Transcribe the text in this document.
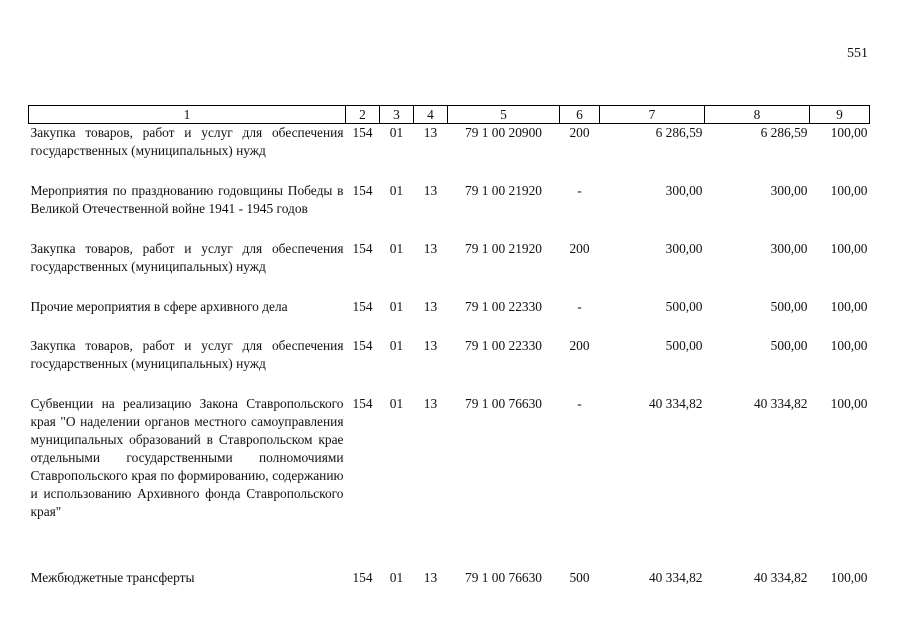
551
1	2	3	4	5	6	7	8	9
Закупка товаров, работ и услуг для обеспечения государственных (муниципальных) нужд	154	01	13	79 1 00 20900	200	6 286,59	6 286,59	100,00
Мероприятия по празднованию годовщины Победы в Великой Отечественной войне 1941 - 1945 годов	154	01	13	79 1 00 21920	-	300,00	300,00	100,00
Закупка товаров, работ и услуг для обеспечения государственных (муниципальных) нужд	154	01	13	79 1 00 21920	200	300,00	300,00	100,00
Прочие мероприятия в сфере архивного дела	154	01	13	79 1 00 22330	-	500,00	500,00	100,00
Закупка товаров, работ и услуг для обеспечения государственных (муниципальных) нужд	154	01	13	79 1 00 22330	200	500,00	500,00	100,00
Субвенции на реализацию Закона Ставропольского края "О наделении органов местного самоуправления муниципальных образований в Ставропольском крае отдельными государственными полномочиями Ставропольского края по формированию, содержанию и использованию Архивного фонда Ставропольского края"	154	01	13	79 1 00 76630	-	40 334,82	40 334,82	100,00
Межбюджетные трансферты	154	01	13	79 1 00 76630	500	40 334,82	40 334,82	100,00
